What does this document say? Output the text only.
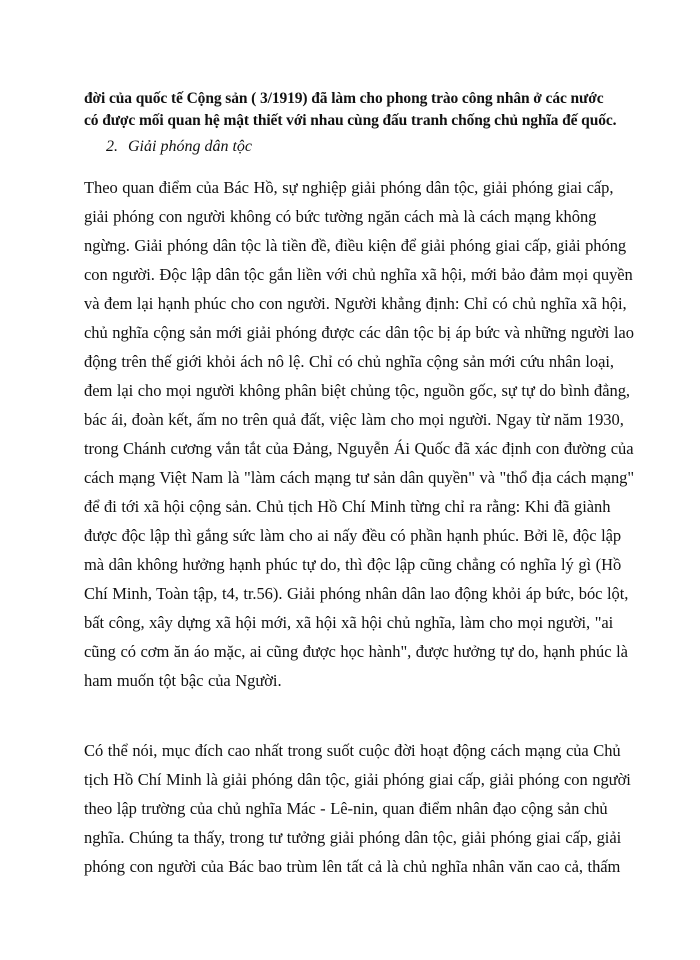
đời của quốc tế Cộng sản ( 3/1919) đã làm cho phong trào công nhân ở các nước
có được mối quan hệ mật thiết với nhau cùng đấu tranh chống chủ nghĩa đế quốc.

2. Giải phóng dân tộc

Theo quan điểm của Bác Hồ, sự nghiệp giải phóng dân tộc, giải phóng giai cấp,
giải phóng con người không có bức tường ngăn cách mà là cách mạng không
ngừng. Giải phóng dân tộc là tiền đề, điều kiện để giải phóng giai cấp, giải phóng
con người. Độc lập dân tộc gắn liền với chủ nghĩa xã hội, mới bảo đảm mọi quyền
và đem lại hạnh phúc cho con người. Người khẳng định: Chỉ có chủ nghĩa xã hội,
chủ nghĩa cộng sản mới giải phóng được các dân tộc bị áp bức và những người lao
động trên thế giới khỏi ách nô lệ. Chỉ có chủ nghĩa cộng sản mới cứu nhân loại,
đem lại cho mọi người không phân biệt chủng tộc, nguồn gốc, sự tự do bình đẳng,
bác ái, đoàn kết, ấm no trên quả đất, việc làm cho mọi người. Ngay từ năm 1930,
trong Chánh cương vắn tắt của Đảng, Nguyễn Ái Quốc đã xác định con đường của
cách mạng Việt Nam là "làm cách mạng tư sản dân quyền" và "thổ địa cách mạng"
để đi tới xã hội cộng sản. Chủ tịch Hồ Chí Minh từng chỉ ra rằng: Khi đã giành
được độc lập thì gắng sức làm cho ai nấy đều có phần hạnh phúc. Bởi lẽ, độc lập
mà dân không hưởng hạnh phúc tự do, thì độc lập cũng chẳng có nghĩa lý gì (Hồ
Chí Minh, Toàn tập, t4, tr.56). Giải phóng nhân dân lao động khỏi áp bức, bóc lột,
bất công, xây dựng xã hội mới, xã hội xã hội chủ nghĩa, làm cho mọi người, "ai
cũng có cơm ăn áo mặc, ai cũng được học hành", được hưởng tự do, hạnh phúc là
ham muốn tột bậc của Người.

Có thể nói, mục đích cao nhất trong suốt cuộc đời hoạt động cách mạng của Chủ
tịch Hồ Chí Minh là giải phóng dân tộc, giải phóng giai cấp, giải phóng con người
theo lập trường của chủ nghĩa Mác - Lê-nin, quan điểm nhân đạo cộng sản chủ
nghĩa. Chúng ta thấy, trong tư tưởng giải phóng dân tộc, giải phóng giai cấp, giải
phóng con người của Bác bao trùm lên tất cả là chủ nghĩa nhân văn cao cả, thấm
